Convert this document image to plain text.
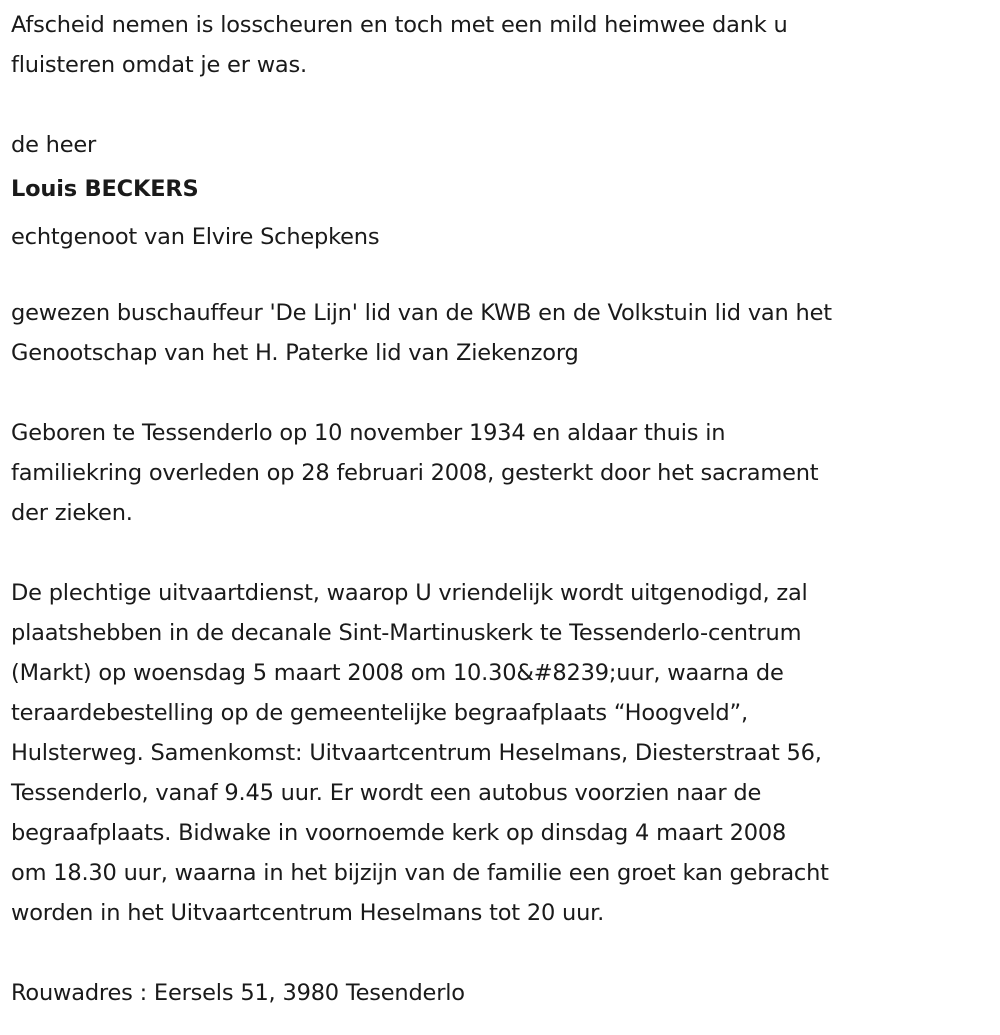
Afscheid nemen is losscheuren en toch met een mild heimwee dank u
fluisteren omdat je er was.
de heer
Louis BECKERS
echtgenoot van Elvire Schepkens
gewezen buschauffeur 'De Lijn' lid van de KWB en de Volkstuin lid van het
Genootschap van het H. Paterke lid van Ziekenzorg
Geboren te Tessenderlo op 10 november 1934 en aldaar thuis in
familiekring overleden op 28 februari 2008, gesterkt door het sacrament
der zieken.
De plechtige uitvaartdienst, waarop U vriendelijk wordt uitgenodigd, zal
plaatshebben in de decanale Sint-Martinuskerk te Tessenderlo-centrum
(Markt) op woensdag 5 maart 2008 om 10.30&#8239;uur, waarna de
teraardebestelling op de gemeentelijke begraafplaats “Hoogveld”,
Hulsterweg. Samenkomst: Uitvaartcentrum Heselmans, Diesterstraat 56,
Tessenderlo, vanaf 9.45 uur. Er wordt een autobus voorzien naar de
begraafplaats. Bidwake in voornoemde kerk op dinsdag 4 maart 2008
om 18.30 uur, waarna in het bijzijn van de familie een groet kan gebracht
worden in het Uitvaartcentrum Heselmans tot 20 uur.
Rouwadres : Eersels 51, 3980 Tesenderlo
